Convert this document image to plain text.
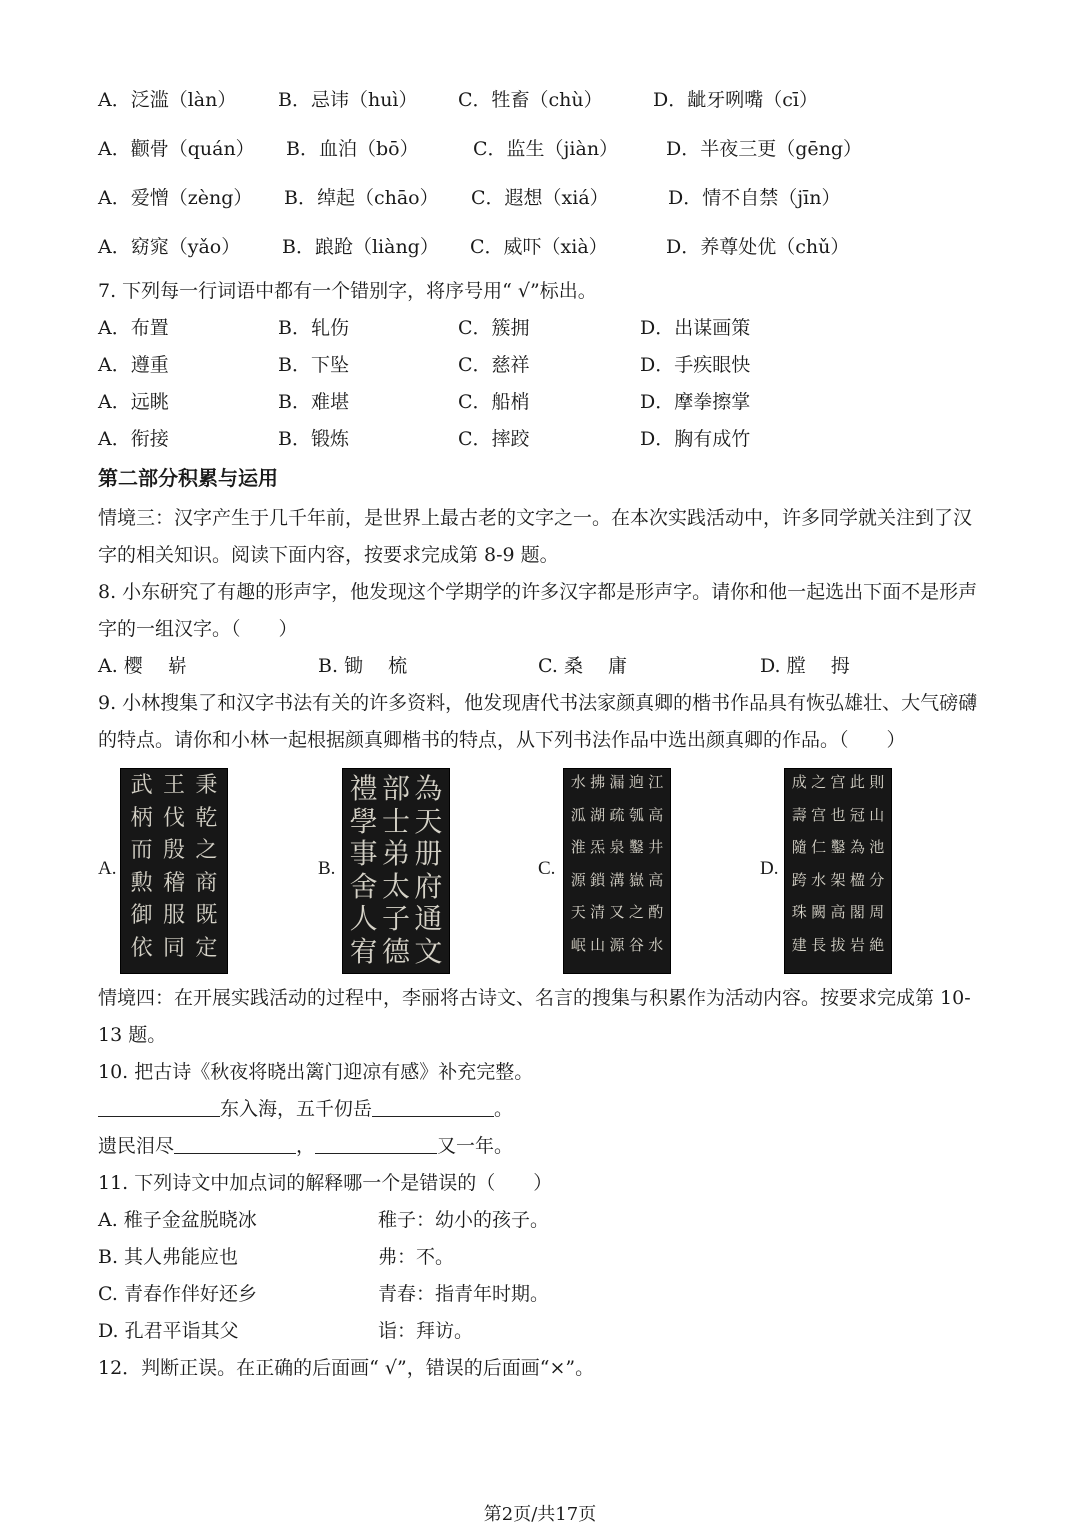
A．泛滥（làn） B．忌讳（huì） C．牲畜（chù）	D．龇牙咧嘴（cī）
A．颧骨（quán） B．血泊（bō）	C．监生（jiàn）	D．半夜三更（gēng）
A．爱憎（zèng） B．绰起（chāo） C．遐想（xiá）	D．情不自禁（jīn）
A．窈窕（yǎo） B．踉跄（liàng） C．威吓（xià）	D．养尊处优（chǔ）
7. 下列每一行词语中都有一个错别字，将序号用“ √”标出。
A．布置	B．轧伤	C．簇拥	D．出谋画策
A．遵重	B．下坠	C．慈祥	D．手疾眼快
A．远眺	B．难堪	C．船梢	D．摩拳擦掌
A．衔接	B．锻炼	C．摔跤	D．胸有成竹
第二部分积累与运用
情境三：汉字产生于几千年前，是世界上最古老的文字之一。在本次实践活动中，许多同学就关注到了汉
字的相关知识。阅读下面内容，按要求完成第 8-9 题。
8. 小东研究了有趣的形声字，他发现这个学期学的许多汉字都是形声字。请你和他一起选出下面不是形声
字的一组汉字。（　　）
A. 樱　 崭	B. 锄　 梳	C. 桑　 庸	D. 膛　 拇
9. 小林搜集了和汉字书法有关的许多资料，他发现唐代书法家颜真卿的楷书作品具有恢弘雄壮、大气磅礴
的特点。请你和小林一起根据颜真卿楷书的特点，从下列书法作品中选出颜真卿的作品。（　　）
A.
武 王 秉
柄 伐 乾
而 殷 之
勲 稽 商
御 服 既
依 同 定
B.
禮 部 為
學 士 天
事 弟 册
舍 太 府
人 子 通
宥 德 文
C.
水 拂 漏 逈 江
泒 湖 疏 瓠 高
淮 炁 泉 鑿 井
源 鎖 溝 嶽 高
天 清 又 之 酌
岷 山 源 谷 水
D.
成 之 宫 此 則
壽 宫 也 冠 山
隨 仁 鑿 為 池
跨 水 架 楹 分
珠 闕 高 閣 周
建 長 拔 岩 絶
情境四：在开展实践活动的过程中，李丽将古诗文、名言的搜集与积累作为活动内容。按要求完成第 10-
13 题。
10. 把古诗《秋夜将晓出篱门迎凉有感》补充完整。
东入海，五千仞岳	。
遗民泪尽	，	又一年。
11. 下列诗文中加点词的解释哪一个是错误的（　　）
A. 稚子金盆脱晓冰	稚子：幼小的孩子。
B. 其人弗能应也	弗：不。
C. 青春作伴好还乡	青春：指青年时期。
D. 孔君平诣其父	诣：拜访。
12．判断正误。在正确的后面画“ √”，错误的后面画“×”。
第2页/共17页
